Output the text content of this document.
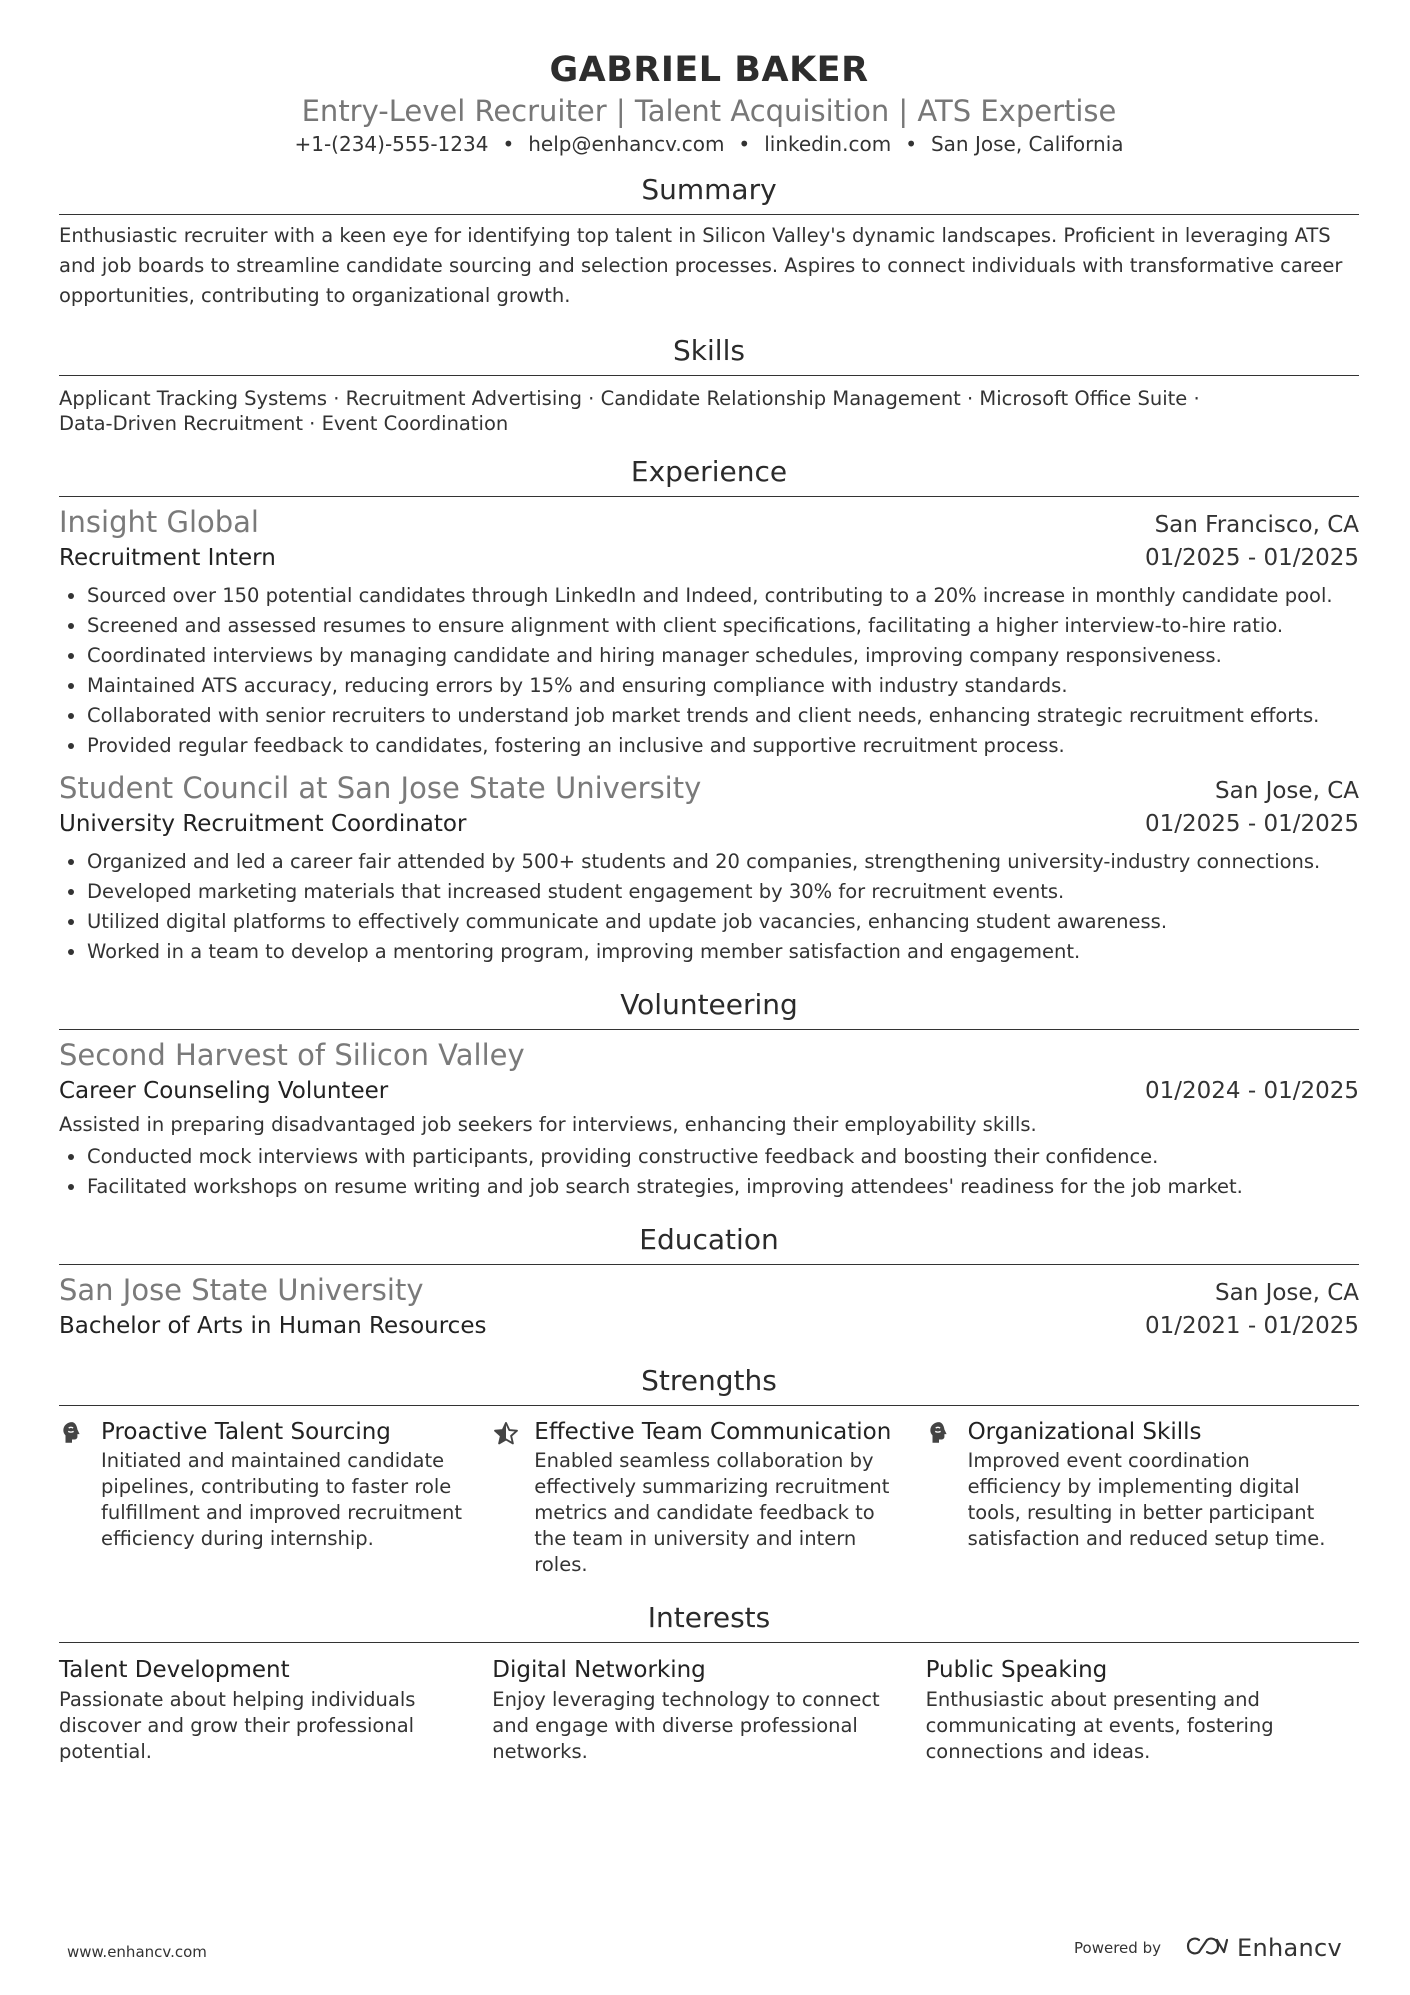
GABRIEL BAKER
Entry-Level Recruiter | Talent Acquisition | ATS Expertise
+1-(234)-555-1234 • help@enhancv.com • linkedin.com • San Jose, California
Summary
Enthusiastic recruiter with a keen eye for identifying top talent in Silicon Valley's dynamic landscapes. Proficient in leveraging ATS and job boards to streamline candidate sourcing and selection processes. Aspires to connect individuals with transformative career opportunities, contributing to organizational growth.
Skills
Applicant Tracking Systems · Recruitment Advertising · Candidate Relationship Management · Microsoft Office Suite ·
Data-Driven Recruitment · Event Coordination
Experience
Insight Global	San Francisco, CA
Recruitment Intern	01/2025 - 01/2025
• Sourced over 150 potential candidates through LinkedIn and Indeed, contributing to a 20% increase in monthly candidate pool.
• Screened and assessed resumes to ensure alignment with client specifications, facilitating a higher interview-to-hire ratio.
• Coordinated interviews by managing candidate and hiring manager schedules, improving company responsiveness.
• Maintained ATS accuracy, reducing errors by 15% and ensuring compliance with industry standards.
• Collaborated with senior recruiters to understand job market trends and client needs, enhancing strategic recruitment efforts.
• Provided regular feedback to candidates, fostering an inclusive and supportive recruitment process.
Student Council at San Jose State University	San Jose, CA
University Recruitment Coordinator	01/2025 - 01/2025
• Organized and led a career fair attended by 500+ students and 20 companies, strengthening university-industry connections.
• Developed marketing materials that increased student engagement by 30% for recruitment events.
• Utilized digital platforms to effectively communicate and update job vacancies, enhancing student awareness.
• Worked in a team to develop a mentoring program, improving member satisfaction and engagement.
Volunteering
Second Harvest of Silicon Valley
Career Counseling Volunteer	01/2024 - 01/2025
Assisted in preparing disadvantaged job seekers for interviews, enhancing their employability skills.
• Conducted mock interviews with participants, providing constructive feedback and boosting their confidence.
• Facilitated workshops on resume writing and job search strategies, improving attendees' readiness for the job market.
Education
San Jose State University	San Jose, CA
Bachelor of Arts in Human Resources	01/2021 - 01/2025
Strengths
Proactive Talent Sourcing
Initiated and maintained candidate pipelines, contributing to faster role fulfillment and improved recruitment efficiency during internship.
Effective Team Communication
Enabled seamless collaboration by effectively summarizing recruitment metrics and candidate feedback to the team in university and intern roles.
Organizational Skills
Improved event coordination efficiency by implementing digital tools, resulting in better participant satisfaction and reduced setup time.
Interests
Talent Development
Passionate about helping individuals discover and grow their professional potential.
Digital Networking
Enjoy leveraging technology to connect and engage with diverse professional networks.
Public Speaking
Enthusiastic about presenting and communicating at events, fostering connections and ideas.
www.enhancv.com	Powered by	Enhancv
